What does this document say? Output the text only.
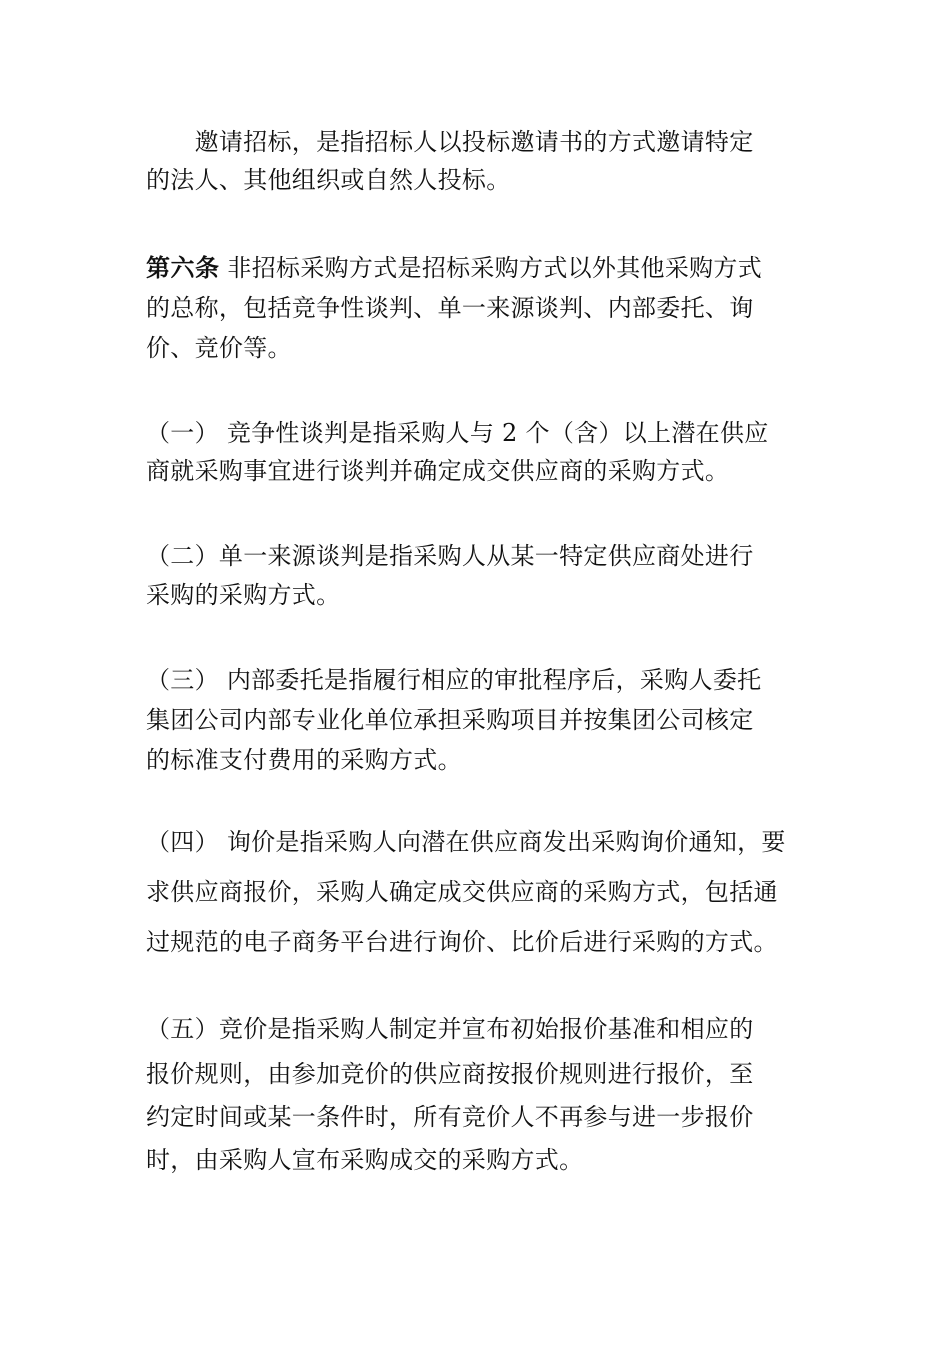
　　邀请招标，是指招标人以投标邀请书的方式邀请特定

的法人、其他组织或自然人投标。

第六条 非招标采购方式是招标采购方式以外其他采购方式

的总称，包括竞争性谈判、单一来源谈判、内部委托、询

价、竞价等。

（一） 竞争性谈判是指采购人与 2 个（含）以上潜在供应

商就采购事宜进行谈判并确定成交供应商的采购方式。

（二）单一来源谈判是指采购人从某一特定供应商处进行

采购的采购方式。

（三） 内部委托是指履行相应的审批程序后，采购人委托

集团公司内部专业化单位承担采购项目并按集团公司核定

的标准支付费用的采购方式。

（四） 询价是指采购人向潜在供应商发出采购询价通知，要

求供应商报价，采购人确定成交供应商的采购方式，包括通

过规范的电子商务平台进行询价、比价后进行采购的方式。

（五）竞价是指采购人制定并宣布初始报价基准和相应的

报价规则，由参加竞价的供应商按报价规则进行报价，至

约定时间或某一条件时，所有竞价人不再参与进一步报价

时，由采购人宣布采购成交的采购方式。
